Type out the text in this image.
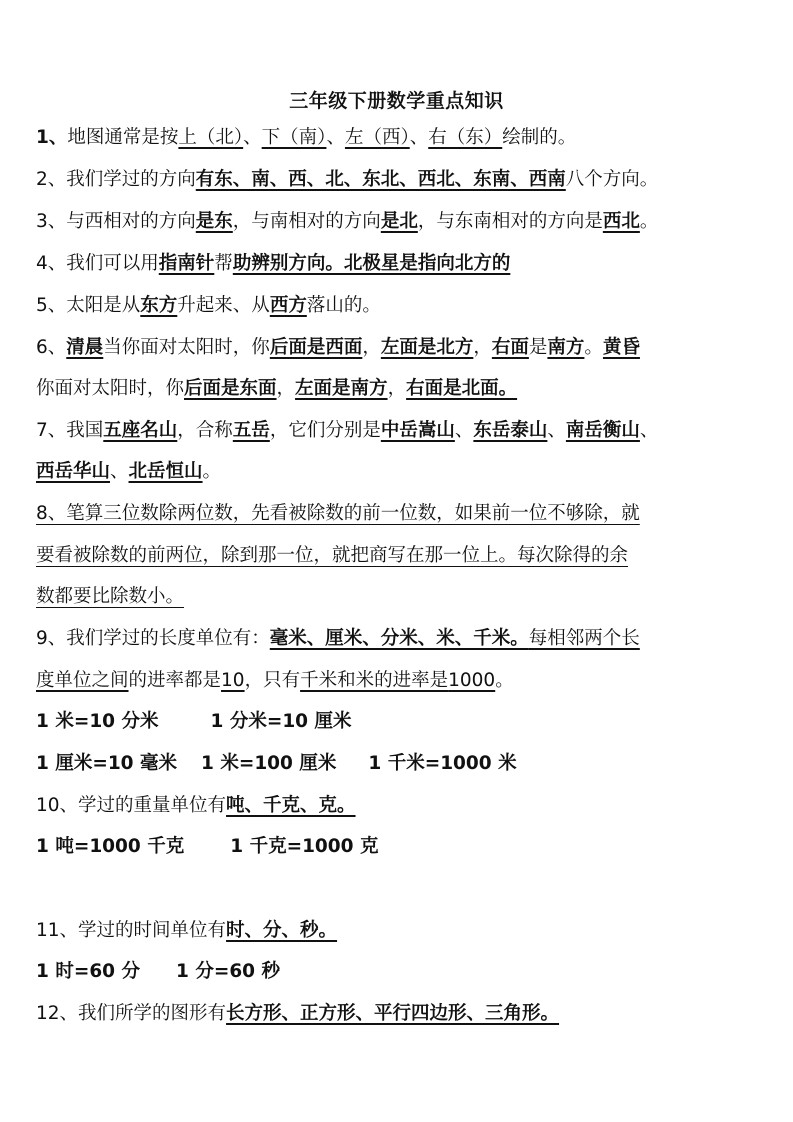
三年级下册数学重点知识
1、地图通常是按上（北）、下（南）、左（西）、右（东）绘制的。
2、我们学过的方向有东、南、西、北、东北、西北、东南、西南八个方向。
3、与西相对的方向是东，与南相对的方向是北，与东南相对的方向是西北。
4、我们可以用指南针帮助辨别方向。北极星是指向北方的
5、太阳是从东方升起来、从西方落山的。
6、清晨当你面对太阳时，你后面是西面，左面是北方，右面是南方。黄昏
你面对太阳时，你后面是东面，左面是南方，右面是北面。
7、我国五座名山，合称五岳，它们分别是中岳嵩山、东岳泰山、南岳衡山、
西岳华山、北岳恒山。
8、笔算三位数除两位数，先看被除数的前一位数，如果前一位不够除，就
要看被除数的前两位，除到那一位，就把商写在那一位上。每次除得的余
数都要比除数小。
9、我们学过的长度单位有：毫米、厘米、分米、米、千米。每相邻两个长
度单位之间的进率都是10，只有千米和米的进率是1000。
1 米=10 分米	1 分米=10 厘米
1 厘米=10 毫米 1 米=100 厘米 1 千米=1000 米
10、学过的重量单位有吨、千克、克。
1 吨=1000 千克 1 千克=1000 克
11、学过的时间单位有时、分、秒。
1 时=60 分 1 分=60 秒
12、我们所学的图形有长方形、正方形、平行四边形、三角形。
